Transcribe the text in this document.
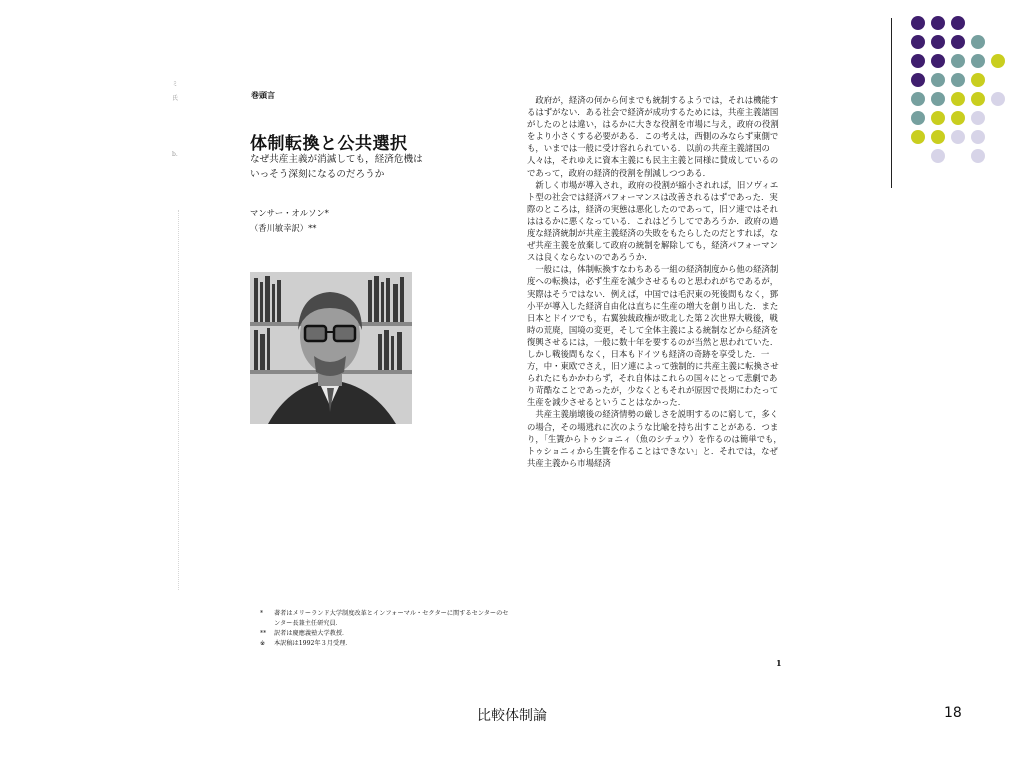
ミ
氏
b.
巻頭言
体制転換と公共選択
なぜ共産主義が消滅しても，経済危機は
いっそう深刻になるのだろうか
マンサー・オルソン*
（香川敏幸訳）**

政府が，経済の何から何までも統制するようでは，それは機能するはずがない．ある社会で経済が成功するためには，共産主義諸国がしたのとは違い，はるかに大きな役割を市場に与え，政府の役割をより小さくする必要がある．この考えは，西側のみならず東側でも，いまでは一般に受け容れられている．以前の共産主義諸国の人々は，それゆえに資本主義にも民主主義と同様に賛成しているのであって，政府の経済的役割を削減しつつある．

新しく市場が導入され，政府の役割が縮小されれば，旧ソヴィエト型の社会では経済パフォーマンスは改善されるはずであった．実際のところは，経済の実態は悪化したのであって，旧ソ連ではそれははるかに悪くなっている．これはどうしてであろうか．政府の過度な経済統制が共産主義経済の失敗をもたらしたのだとすれば，なぜ共産主義を放棄して政府の統制を解除しても，経済パフォーマンスは良くならないのであろうか．

一般には，体制転換すなわちある一組の経済制度から他の経済制度への転換は，必ず生産を減少させるものと思われがちであるが，実際はそうではない．例えば，中国では毛沢東の死後間もなく，鄧小平が導入した経済自由化は直ちに生産の増大を創り出した．また日本とドイツでも，右翼独裁政権が敗北した第２次世界大戦後，戦時の荒廃，国境の変更，そして全体主義による統制などから経済を復興させるには，一般に数十年を要するのが当然と思われていた．しかし戦後間もなく，日本もドイツも経済の奇跡を享受した．一方，中・東欧でさえ，旧ソ連によって強制的に共産主義に転換させられたにもかかわらず，それ自体はこれらの国々にとって悲劇であり苛酷なことであったが，少なくともそれが原因で長期にわたって生産を減少させるということはなかった．

共産主義崩壊後の経済情勢の厳しさを説明するのに窮して，多くの場合，その場逃れに次のような比喩を持ち出すことがある．つまり，「生簀からトゥショニィ（魚のシチュウ）を作るのは簡単でも，トゥショニィから生簀を作ることはできない」と．それでは，なぜ共産主義から市場経済

*	著者はメリーランド大学制度改革とインフォーマル・セクターに関するセンターのセンター長兼主任研究員．
**	訳者は慶應義塾大学教授．
※	本訳稿は1992年３月受理．
1
比較体制論	18
